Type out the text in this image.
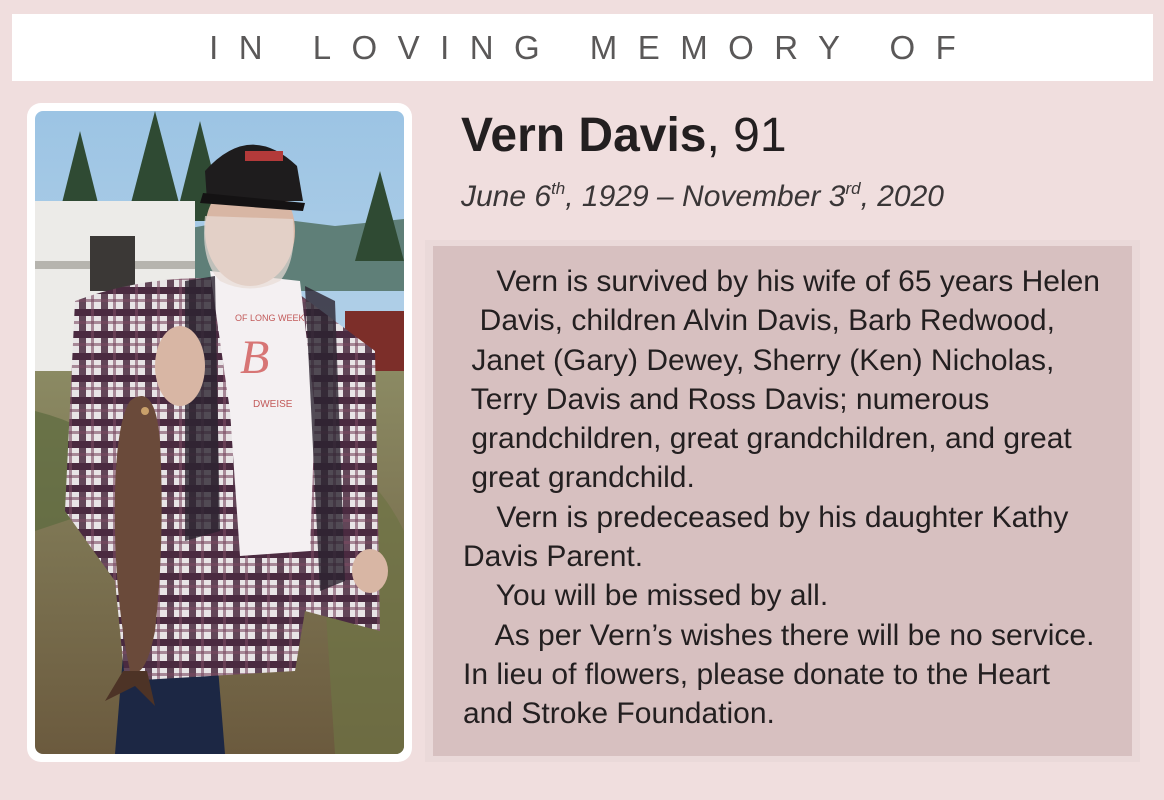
IN LOVING MEMORY OF
OF LONG WEEK
B
DWEISE
Vern Davis, 91
June 6th, 1929 – November 3rd, 2020

Vern is survived by his wife of 65 years Helen

Davis, children Alvin Davis, Barb Redwood,

Janet (Gary) Dewey, Sherry (Ken) Nicholas,

Terry Davis and Ross Davis; numerous

grandchildren, great grandchildren, and great

great grandchild.

Vern is predeceased by his daughter Kathy

Davis Parent.

You will be missed by all.

As per Vern’s wishes there will be no service.

In lieu of flowers, please donate to the Heart

and Stroke Foundation.
